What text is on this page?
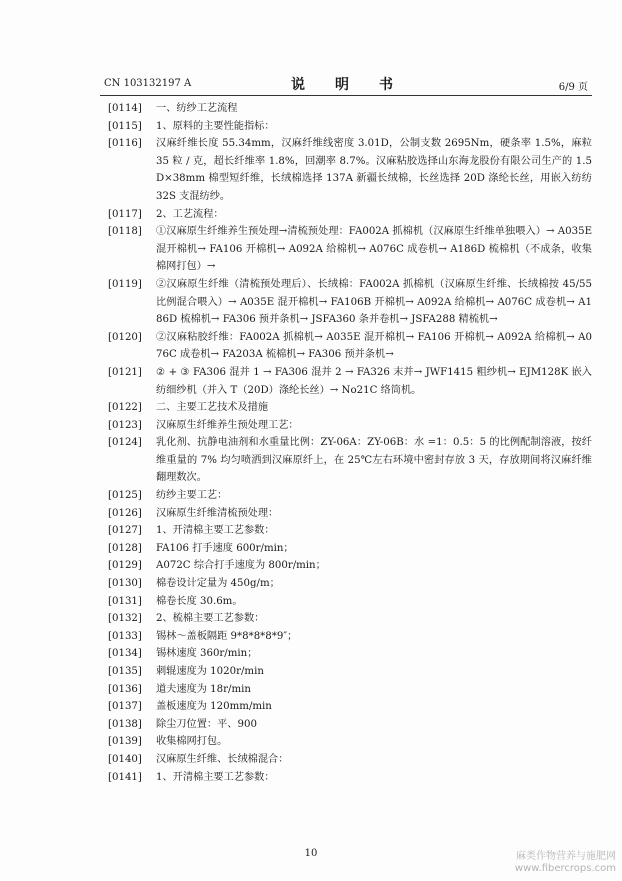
CN 103132197 A	说　明　书	6/9 页
[0114]	一、纺纱工艺流程
[0115]	1、原料的主要性能指标：
[0116]	汉麻纤维长度 55.34mm，汉麻纤维线密度 3.01D，公制支数 2695Nm，硬条率 1.5%，麻粒 35 粒 / 克，超长纤维率 1.8%，回潮率 8.7%。汉麻粘胶选择山东海龙股份有限公司生产的 1.5D×38mm 棉型短纤维，长绒棉选择 137A 新疆长绒棉，长丝选择 20D 涤纶长丝，用嵌入纺纺 32S 支混纺纱。
[0117]	2、工艺流程：
[0118]	①汉麻原生纤维养生预处理→清梳预处理：FA002A 抓棉机（汉麻原生纤维单独喂入）→ A035E 混开棉机→ FA106 开棉机→ A092A 给棉机→ A076C 成卷机→ A186D 梳棉机（不成条，收集棉网打包）→
[0119]	②汉麻原生纤维（清梳预处理后）、长绒棉：FA002A 抓棉机（汉麻原生纤维、长绒棉按 45/55 比例混合喂入）→ A035E 混开棉机→ FA106B 开棉机→ A092A 给棉机→ A076C 成卷机→ A186D 梳棉机→ FA306 预并条机→ JSFA360 条并卷机→ JSFA288 精梳机→
[0120]	②汉麻粘胶纤维：FA002A 抓棉机→ A035E 混开棉机→ FA106 开棉机→ A092A 给棉机→ A076C 成卷机→ FA203A 梳棉机→ FA306 预并条机→
[0121]	② + ③ FA306 混并 1 → FA306 混并 2 → FA326 末并→ JWF1415 粗纱机→ EJM128K 嵌入纺细纱机（并入 T（20D）涤纶长丝）→ No21C 络筒机。
[0122]	二、主要工艺技术及措施
[0123]	汉麻原生纤维养生预处理工艺：
[0124]	乳化剂、抗静电油剂和水重量比例：ZY-06A：ZY-06B：水 =1：0.5：5 的比例配制溶液，按纤维重量的 7% 均匀喷洒到汉麻原纤上，在 25℃左右环境中密封存放 3 天，存放期间将汉麻纤维翻理数次。
[0125]	纺纱主要工艺：
[0126]	汉麻原生纤维清梳预处理：
[0127]	1、开清棉主要工艺参数：
[0128]	FA106 打手速度 600r/min；
[0129]	A072C 综合打手速度为 800r/min；
[0130]	棉卷设计定量为 450g/m；
[0131]	棉卷长度 30.6m。
[0132]	2、梳棉主要工艺参数：
[0133]	锡林～盖板隔距 9*8*8*8*9″；
[0134]	锡林速度 360r/min；
[0135]	刺辊速度为 1020r/min
[0136]	道夫速度为 18r/min
[0137]	盖板速度为 120mm/min
[0138]	除尘刀位置：平、900
[0139]	收集棉网打包。
[0140]	汉麻原生纤维、长绒棉混合：
[0141]	1、开清棉主要工艺参数：
10	麻类作物营养与施肥网
www.fibercrops.com
